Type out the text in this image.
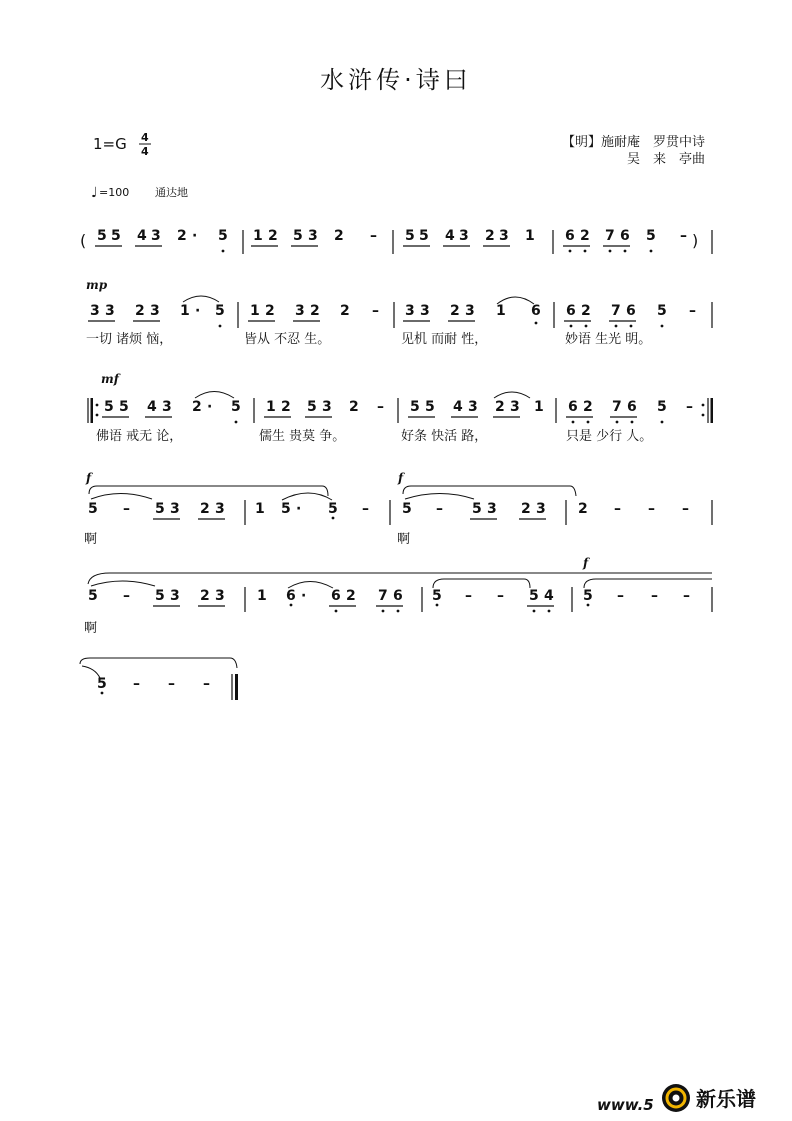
水浒传·诗曰
1=G 4
4
【明】施耐庵　罗贯中诗
吴　来　亭曲
♩ =100 通达地
(	)
5 5 4 3 2 · 5 1 2 5 3 2 – 5 5 4 3 2 3 1 6 2 7 6 5 –
3 3 2 3 1 · 5 1 2 3 2 2 – 3 3 2 3 1 6 6 2 7 6 5 –
5 5 4 3 2 · 5 1 2 5 3 2 – 5 5 4 3 2 3 1 6 2 7 6 5 –
5 – 5 3 2 3 1 5 · 5 – 5 – 5 3 2 3 2 – – –
5 – 5 3 2 3 1 6 · 6 2 7 6 5 – – 5 4 5 – – –
5 – – –
一切 诸烦 恼，	皆从 不忍 生。	见机 而耐 性，	妙语 生光 明。
佛语 戒无 论，	儒生 贵莫 争。	好条 快活 路，	只是 少行 人。
啊	啊
啊
mp
mf
f	f
f
www.5 新乐谱
